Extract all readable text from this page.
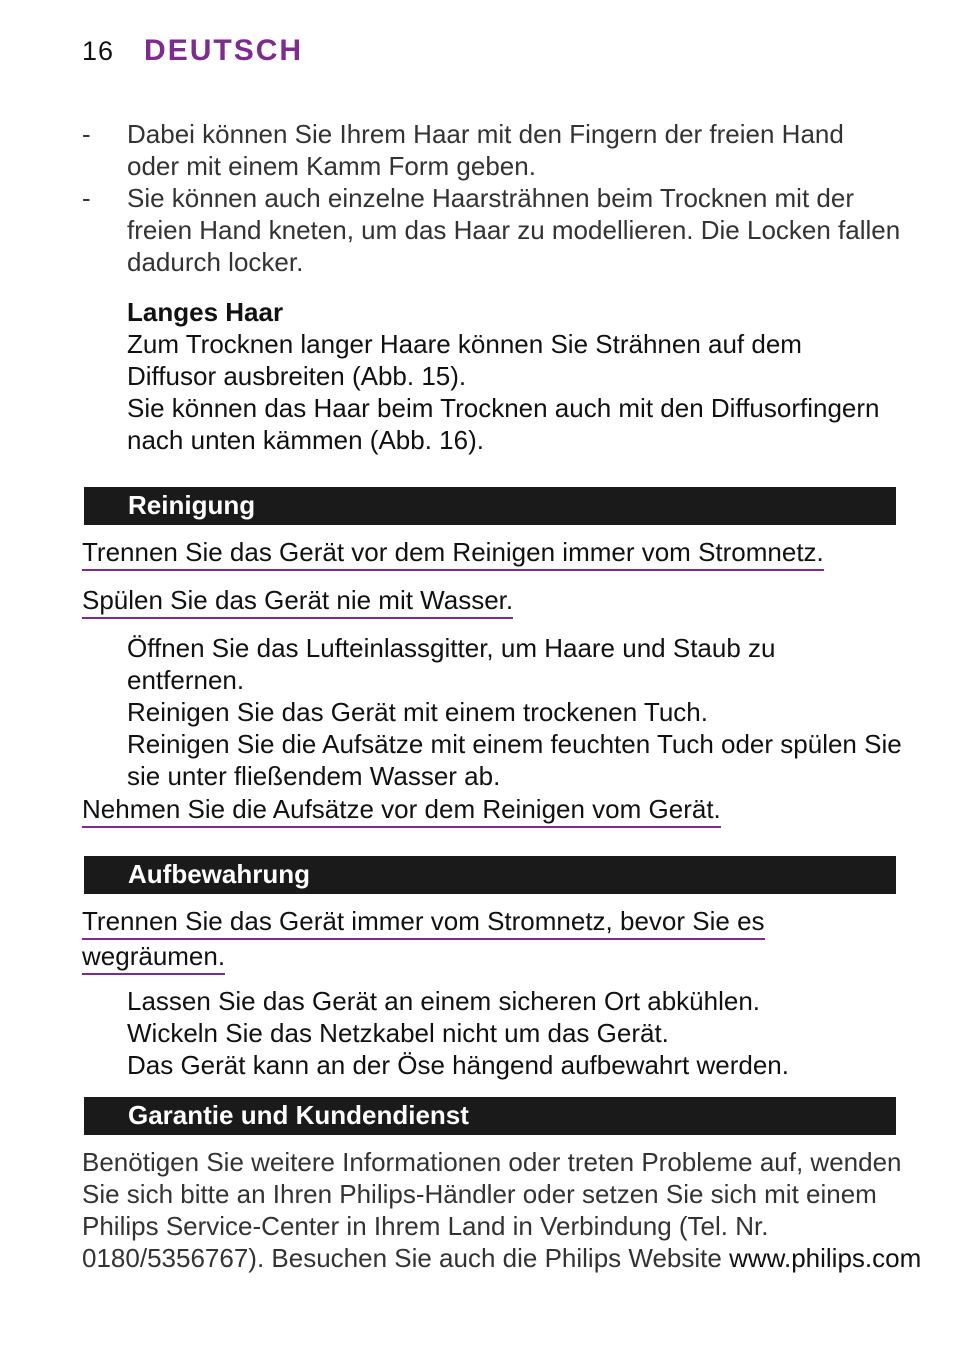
16 DEUTSCH
- Dabei können Sie Ihrem Haar mit den Fingern der freien Hand
oder mit einem Kamm Form geben.
- Sie können auch einzelne Haarsträhnen beim Trocknen mit der
freien Hand kneten, um das Haar zu modellieren. Die Locken fallen
dadurch locker.
Langes Haar
Zum Trocknen langer Haare können Sie Strähnen auf dem
Diffusor ausbreiten (Abb. 15).
Sie können das Haar beim Trocknen auch mit den Diffusorfingern
nach unten kämmen (Abb. 16).
Reinigung
Trennen Sie das Gerät vor dem Reinigen immer vom Stromnetz.
Spülen Sie das Gerät nie mit Wasser.
Öffnen Sie das Lufteinlassgitter, um Haare und Staub zu
entfernen.
Reinigen Sie das Gerät mit einem trockenen Tuch.
Reinigen Sie die Aufsätze mit einem feuchten Tuch oder spülen Sie
sie unter fließendem Wasser ab.
Nehmen Sie die Aufsätze vor dem Reinigen vom Gerät.
Aufbewahrung
Trennen Sie das Gerät immer vom Stromnetz, bevor Sie es
wegräumen.
Lassen Sie das Gerät an einem sicheren Ort abkühlen.
Wickeln Sie das Netzkabel nicht um das Gerät.
Das Gerät kann an der Öse hängend aufbewahrt werden.
Garantie und Kundendienst
Benötigen Sie weitere Informationen oder treten Probleme auf, wenden
Sie sich bitte an Ihren Philips-Händler oder setzen Sie sich mit einem
Philips Service-Center in Ihrem Land in Verbindung (Tel. Nr.
0180/5356767). Besuchen Sie auch die Philips Website www.philips.com
